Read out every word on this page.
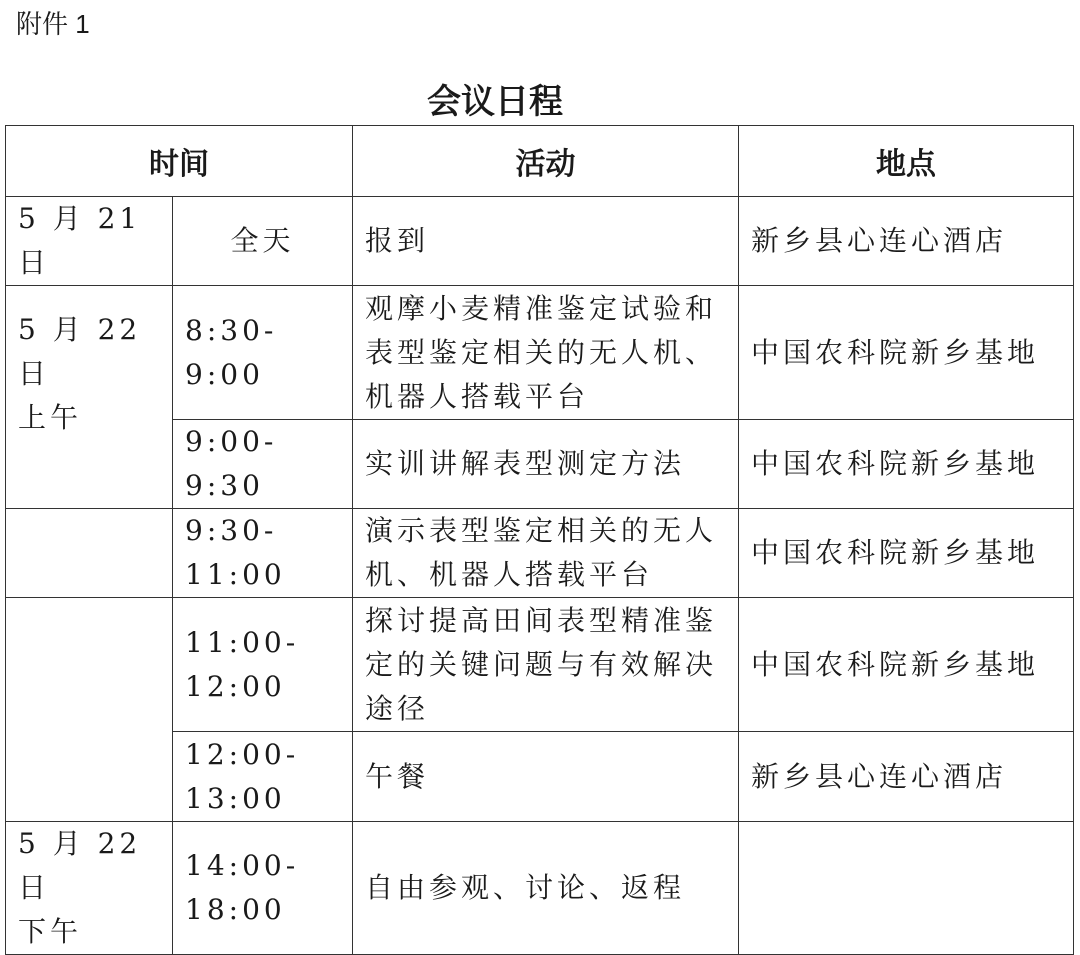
附件 1
会议日程
时间		活动	地点
5 月 21 日	全天	报到	新乡县心连心酒店

5 月 22 日
上午	8:30-9:00	观摩小麦精准鉴定试验和表型鉴定相关的无人机、机器人搭载平台	中国农科院新乡基地
	9:00-9:30	实训讲解表型测定方法	中国农科院新乡基地
	9:30-11:00	演示表型鉴定相关的无人机、机器人搭载平台	中国农科院新乡基地
	11:00-12:00	探讨提高田间表型精准鉴定的关键问题与有效解决途径	中国农科院新乡基地
	12:00-13:00	午餐	新乡县心连心酒店

5 月 22 日
下午	14:00-18:00	自由参观、讨论、返程	
